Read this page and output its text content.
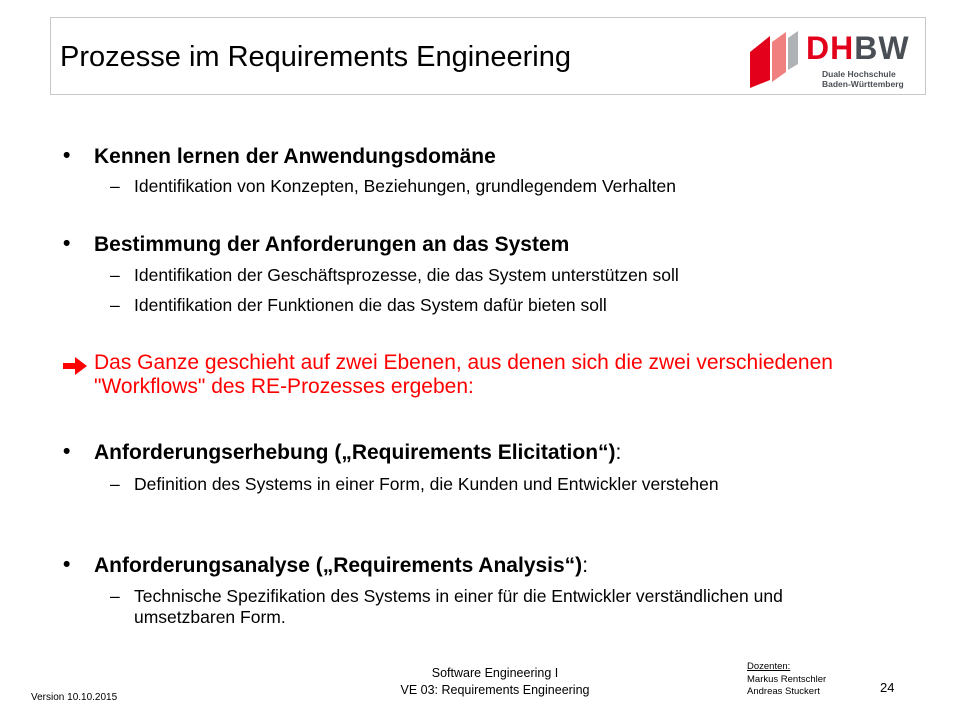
Prozesse im Requirements Engineering	DHBW
Duale Hochschule
Baden-Württemberg
• Kennen lernen der Anwendungsdomäne
– Identifikation von Konzepten, Beziehungen, grundlegendem Verhalten
• Bestimmung der Anforderungen an das System
– Identifikation der Geschäftsprozesse, die das System unterstützen soll
– Identifikation der Funktionen die das System dafür bieten soll
Das Ganze geschieht auf zwei Ebenen, aus denen sich die zwei verschiedenen "Workflows" des RE-Prozesses ergeben:
• Anforderungserhebung („Requirements Elicitation“):
– Definition des Systems in einer Form, die Kunden und Entwickler verstehen
• Anforderungsanalyse („Requirements Analysis“):
– Technische Spezifikation des Systems in einer für die Entwickler verständlichen und umsetzbaren Form.
Version 10.10.2015
Software Engineering I
VE 03: Requirements Engineering
Dozenten:
Markus Rentschler
Andreas Stuckert	24
